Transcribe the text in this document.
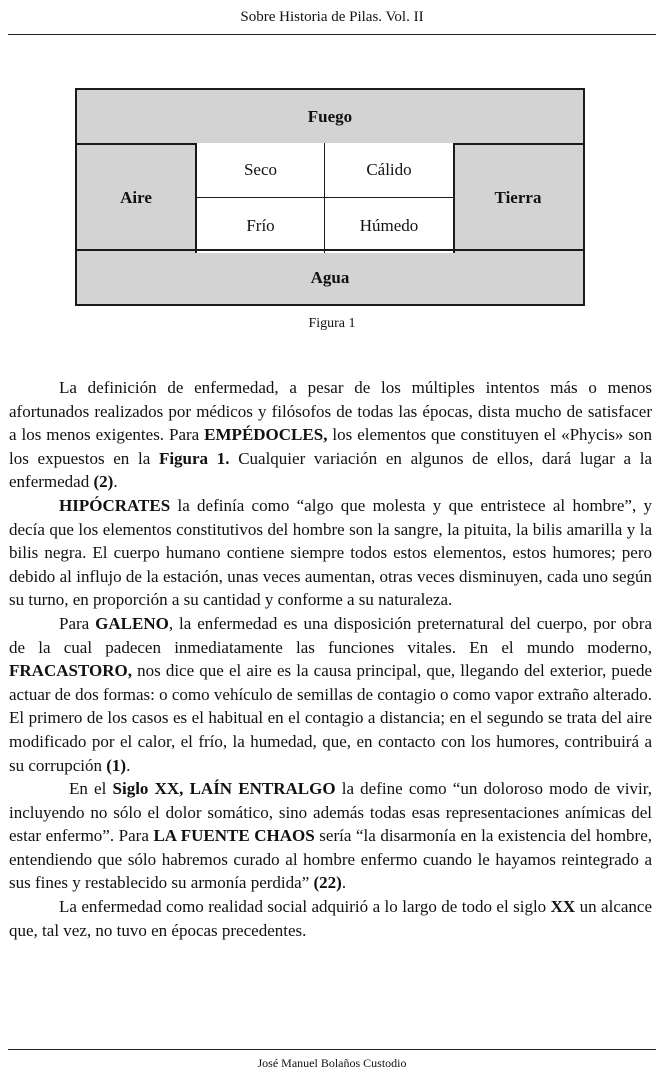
Sobre Historia de Pilas. Vol. II
Fuego
Aire
Seco	Cálido
Frío	Húmedo
Tierra
Agua
Figura 1

La definición de enfermedad, a pesar de los múltiples intentos más o menos afortunados realizados por médicos y filósofos de todas las épocas, dista mucho de satisfacer a los menos exigentes. Para EMPÉDOCLES, los elementos que constituyen el «Phycis» son los expuestos en la Figura 1. Cualquier variación en algunos de ellos, dará lugar a la enfermedad (2).

HIPÓCRATES la definía como “algo que molesta y que entristece al hombre”, y decía que los elementos constitutivos del hombre son la sangre, la pituita, la bilis amarilla y la bilis negra. El cuerpo humano contiene siempre todos estos elementos, estos humores; pero debido al influjo de la estación, unas veces aumentan, otras veces disminuyen, cada uno según su turno, en proporción a su cantidad y conforme a su naturaleza.

Para GALENO, la enfermedad es una disposición preternatural del cuerpo, por obra de la cual padecen inmediatamente las funciones vitales. En el mundo moderno, FRACASTORO, nos dice que el aire es la causa principal, que, llegando del exterior, puede actuar de dos formas: o como vehículo de semillas de contagio o como vapor extraño alterado. El primero de los casos es el habitual en el contagio a distancia; en el segundo se trata del aire modificado por el calor, el frío, la humedad, que, en contacto con los humores, contribuirá a su corrupción (1).

En el Siglo XX, LAÍN ENTRALGO la define como “un doloroso modo de vivir, incluyendo no sólo el dolor somático, sino además todas esas representaciones anímicas del estar enfermo”. Para LA FUENTE CHAOS sería “la disarmonía en la existencia del hombre, entendiendo que sólo habremos curado al hombre enfermo cuando le hayamos reintegrado a sus fines y restablecido su armonía perdida” (22).

La enfermedad como realidad social adquirió a lo largo de todo el siglo XX un alcance que, tal vez, no tuvo en épocas precedentes.

José Manuel Bolaños Custodio
